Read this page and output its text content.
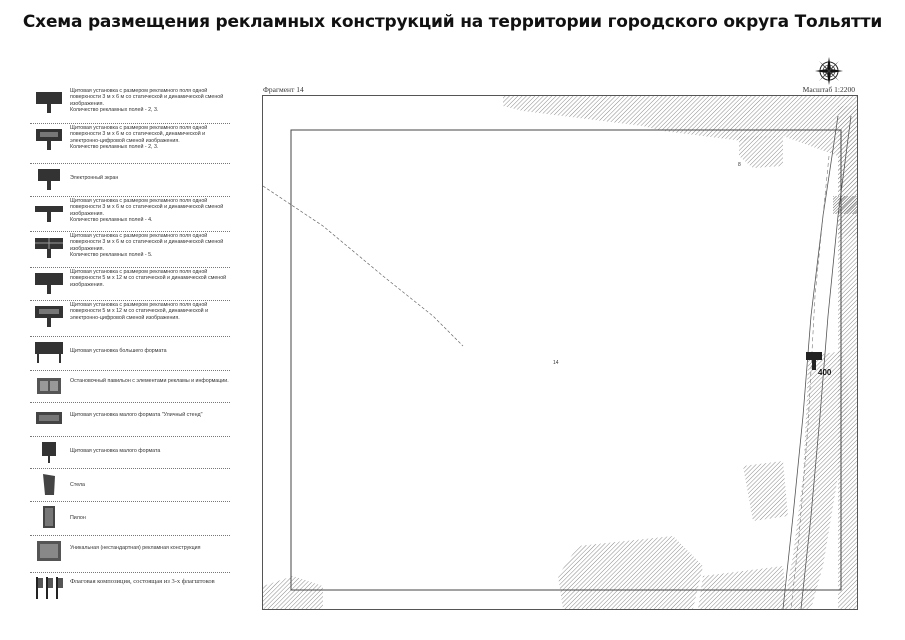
Схема размещения рекламных конструкций на территории городского округа Тольятти
Фрагмент 14	Масштаб 1:2200
Щитовая установка с размером рекламного поля одной поверхности 3 м х 6 м со статической и динамической сменой изображения.
Количество рекламных полей - 2, 3.
Щитовая установка с размером рекламного поля одной поверхности 3 м х 6 м со статической, динамической и электронно-цифровой сменой изображения.
Количество рекламных полей - 2, 3.
Электронный экран
Щитовая установка с размером рекламного поля одной поверхности 3 м х 6 м со статической и динамической сменой изображения.
Количество рекламных полей - 4.
Щитовая установка с размером рекламного поля одной поверхности 3 м х 6 м со статической и динамической сменой изображения.
Количество рекламных полей - 5.
Щитовая установка с размером рекламного поля одной поверхности 5 м х 12 м со статической и динамической сменой изображения.
Щитовая установка с размером рекламного поля одной поверхности 5 м х 12 м со статической, динамической и электронно-цифровой сменой изображения.
Щитовая установка большего формата
Остановочный павильон с элементами рекламы и информации.
Щитовая установка малого формата "Уличный стенд"
Щитовая установка малого формата
Стела
Пилон
Уникальная (нестандартная) рекламная конструкция
Флаговая композиция, состоящая из 3-х флагштоков
14
8
400
